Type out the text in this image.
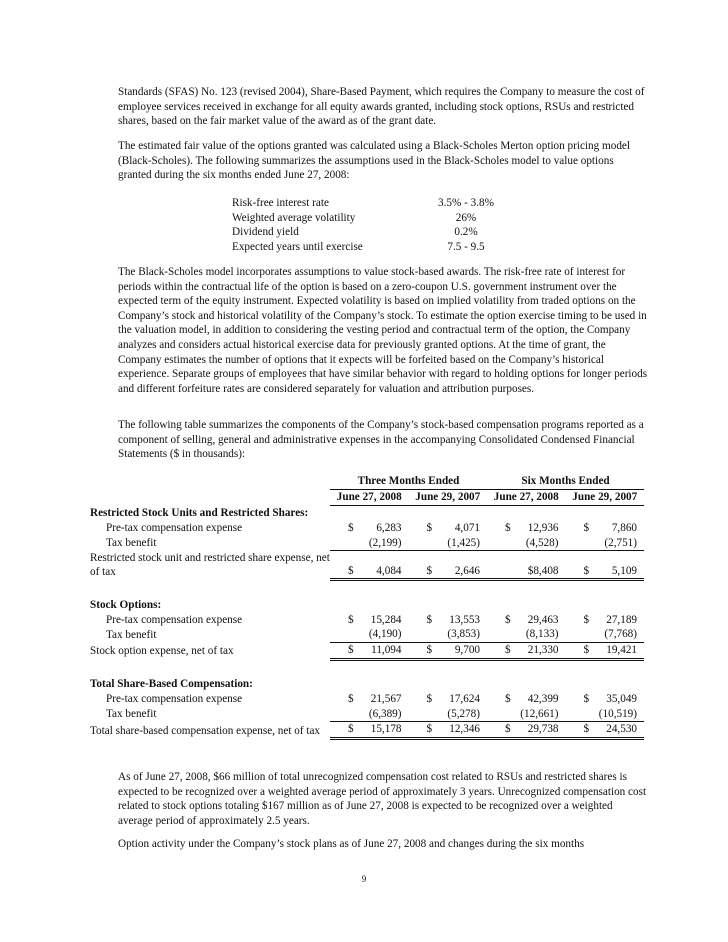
Standards (SFAS) No. 123 (revised 2004), Share-Based Payment, which requires the Company to measure the cost of employee services received in exchange for all equity awards granted, including stock options, RSUs and restricted shares, based on the fair market value of the award as of the grant date.

The estimated fair value of the options granted was calculated using a Black-Scholes Merton option pricing model (Black-Scholes). The following summarizes the assumptions used in the Black-Scholes model to value options granted during the six months ended June 27, 2008:

Risk-free interest rate	3.5% - 3.8%
Weighted average volatility	26%
Dividend yield	0.2%
Expected years until exercise	7.5 - 9.5

The Black-Scholes model incorporates assumptions to value stock-based awards. The risk-free rate of interest for periods within the contractual life of the option is based on a zero-coupon U.S. government instrument over the expected term of the equity instrument. Expected volatility is based on implied volatility from traded options on the Company’s stock and historical volatility of the Company’s stock. To estimate the option exercise timing to be used in the valuation model, in addition to considering the vesting period and contractual term of the option, the Company analyzes and considers actual historical exercise data for previously granted options. At the time of grant, the Company estimates the number of options that it expects will be forfeited based on the Company’s historical experience. Separate groups of employees that have similar behavior with regard to holding options for longer periods and different forfeiture rates are considered separately for valuation and attribution purposes.

The following table summarizes the components of the Company’s stock-based compensation programs reported as a component of selling, general and administrative expenses in the accompanying Consolidated Condensed Financial Statements ($ in thousands):

	Three Months Ended		Six Months Ended	
	June 27, 2008	June 29, 2007	June 27, 2008	June 29, 2007
Restricted Stock Units and Restricted Shares:				
Pre-tax compensation expense	$ 6,283	$ 4,071	$ 12,936	$ 7,860

Tax benefit	(2,199)	(1,425)	(4,528)	(2,751)
Restricted stock unit and restricted share expense, net of tax	$ 4,084	$ 2,646	$8,408	$ 5,109

Stock Options:				
Pre-tax compensation expense	$ 15,284	$ 13,553	$ 29,463	$ 27,189

Tax benefit	(4,190)	(3,853)	(8,133)	(7,768)
Stock option expense, net of tax	$ 11,094	$ 9,700	$ 21,330	$ 19,421

Total Share-Based Compensation:				
Pre-tax compensation expense	$ 21,567	$ 17,624	$ 42,399	$ 35,049

Tax benefit	(6,389)	(5,278)	(12,661)	(10,519)
Total share-based compensation expense, net of tax	$ 15,178	$ 12,346	$ 29,738	$ 24,530

As of June 27, 2008, $66 million of total unrecognized compensation cost related to RSUs and restricted shares is expected to be recognized over a weighted average period of approximately 3 years. Unrecognized compensation cost related to stock options totaling $167 million as of June 27, 2008 is expected to be recognized over a weighted average period of approximately 2.5 years.

Option activity under the Company’s stock plans as of June 27, 2008 and changes during the six months

9
